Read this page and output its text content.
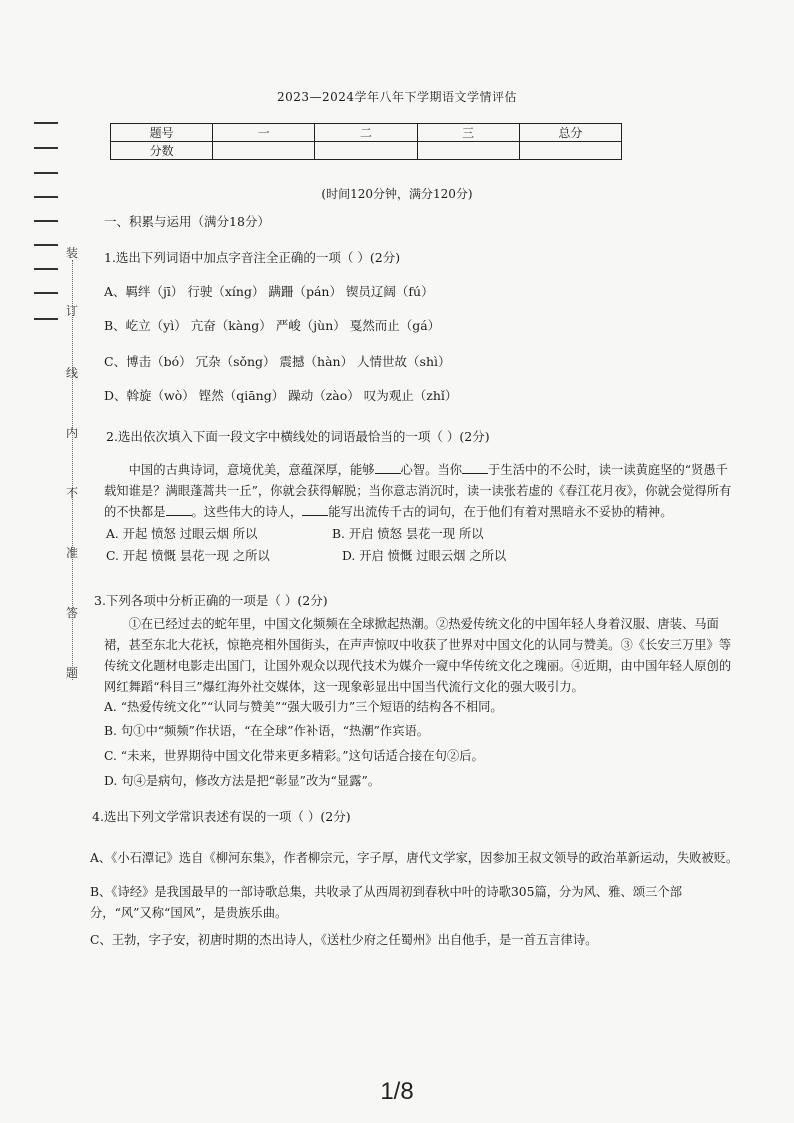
装
订
线
内
不
准
答
题
2023—2024学年八年下学期语文学情评估
题号	一	二	三	总分
分数				
(时间120分钟，满分120分)
一、积累与运用（满分18分）
1.选出下列词语中加点字音注全正确的一项（ ）(2分)
A、羁绊（jī） 行驶（xíng） 蹒跚（pán） 锲员辽阔（fú）
B、屹立（yì） 亢奋（kàng） 严峻（jùn） 戛然而止（gá）
C、博击（bó） 冗杂（sǒng） 震撼（hàn） 人情世故（shì）
D、斡旋（wò） 铿然（qiāng） 躁动（zào） 叹为观止（zhǐ）
2.选出依次填入下面一段文字中横线处的词语最恰当的一项（ ）(2分)
中国的古典诗词，意境优美，意蕴深厚，能够 心智。当你 于生活中的不公时，读一读黄庭坚的“贤愚千载知谁是？满眼蓬蒿共一丘”，你就会获得解脱；当你意志消沉时，读一读张若虚的《春江花月夜》，你就会觉得所有的不快都是 。这些伟大的诗人， 能写出流传千古的词句，在于他们有着对黑暗永不妥协的精神。
A. 开起 愤怒 过眼云烟 所以	B. 开启 愤怒 昙花一现 所以
C. 开起 愤慨 昙花一现 之所以	D. 开启 愤慨 过眼云烟 之所以
3.下列各项中分析正确的一项是（ ）(2分)
①在已经过去的蛇年里，中国文化频频在全球掀起热潮。②热爱传统文化的中国年轻人身着汉服、唐装、马面裙，甚至东北大花袄，惊艳亮相外国街头，在声声惊叹中收获了世界对中国文化的认同与赞美。③《长安三万里》等传统文化题材电影走出国门，让国外观众以现代技术为媒介一窥中华传统文化之瑰丽。④近期，由中国年轻人原创的网红舞蹈“科目三”爆红海外社交媒体，这一现象彰显出中国当代流行文化的强大吸引力。
A. “热爱传统文化”“认同与赞美”“强大吸引力”三个短语的结构各不相同。
B. 句①中“频频”作状语，“在全球”作补语，“热潮”作宾语。
C. “未来，世界期待中国文化带来更多精彩。”这句话适合接在句②后。
D. 句④是病句，修改方法是把“彰显”改为“显露”。
4.选出下列文学常识表述有误的一项（ ）(2分)
A、《小石潭记》选自《柳河东集》，作者柳宗元，字子厚，唐代文学家，因参加王叔文领导的政治革新运动，失败被贬。
B、《诗经》是我国最早的一部诗歌总集，共收录了从西周初到春秋中叶的诗歌305篇，分为风、雅、颂三个部分，“风”又称“国风”，是贵族乐曲。
C、王勃，字子安，初唐时期的杰出诗人，《送杜少府之任蜀州》出自他手，是一首五言律诗。
1/8
